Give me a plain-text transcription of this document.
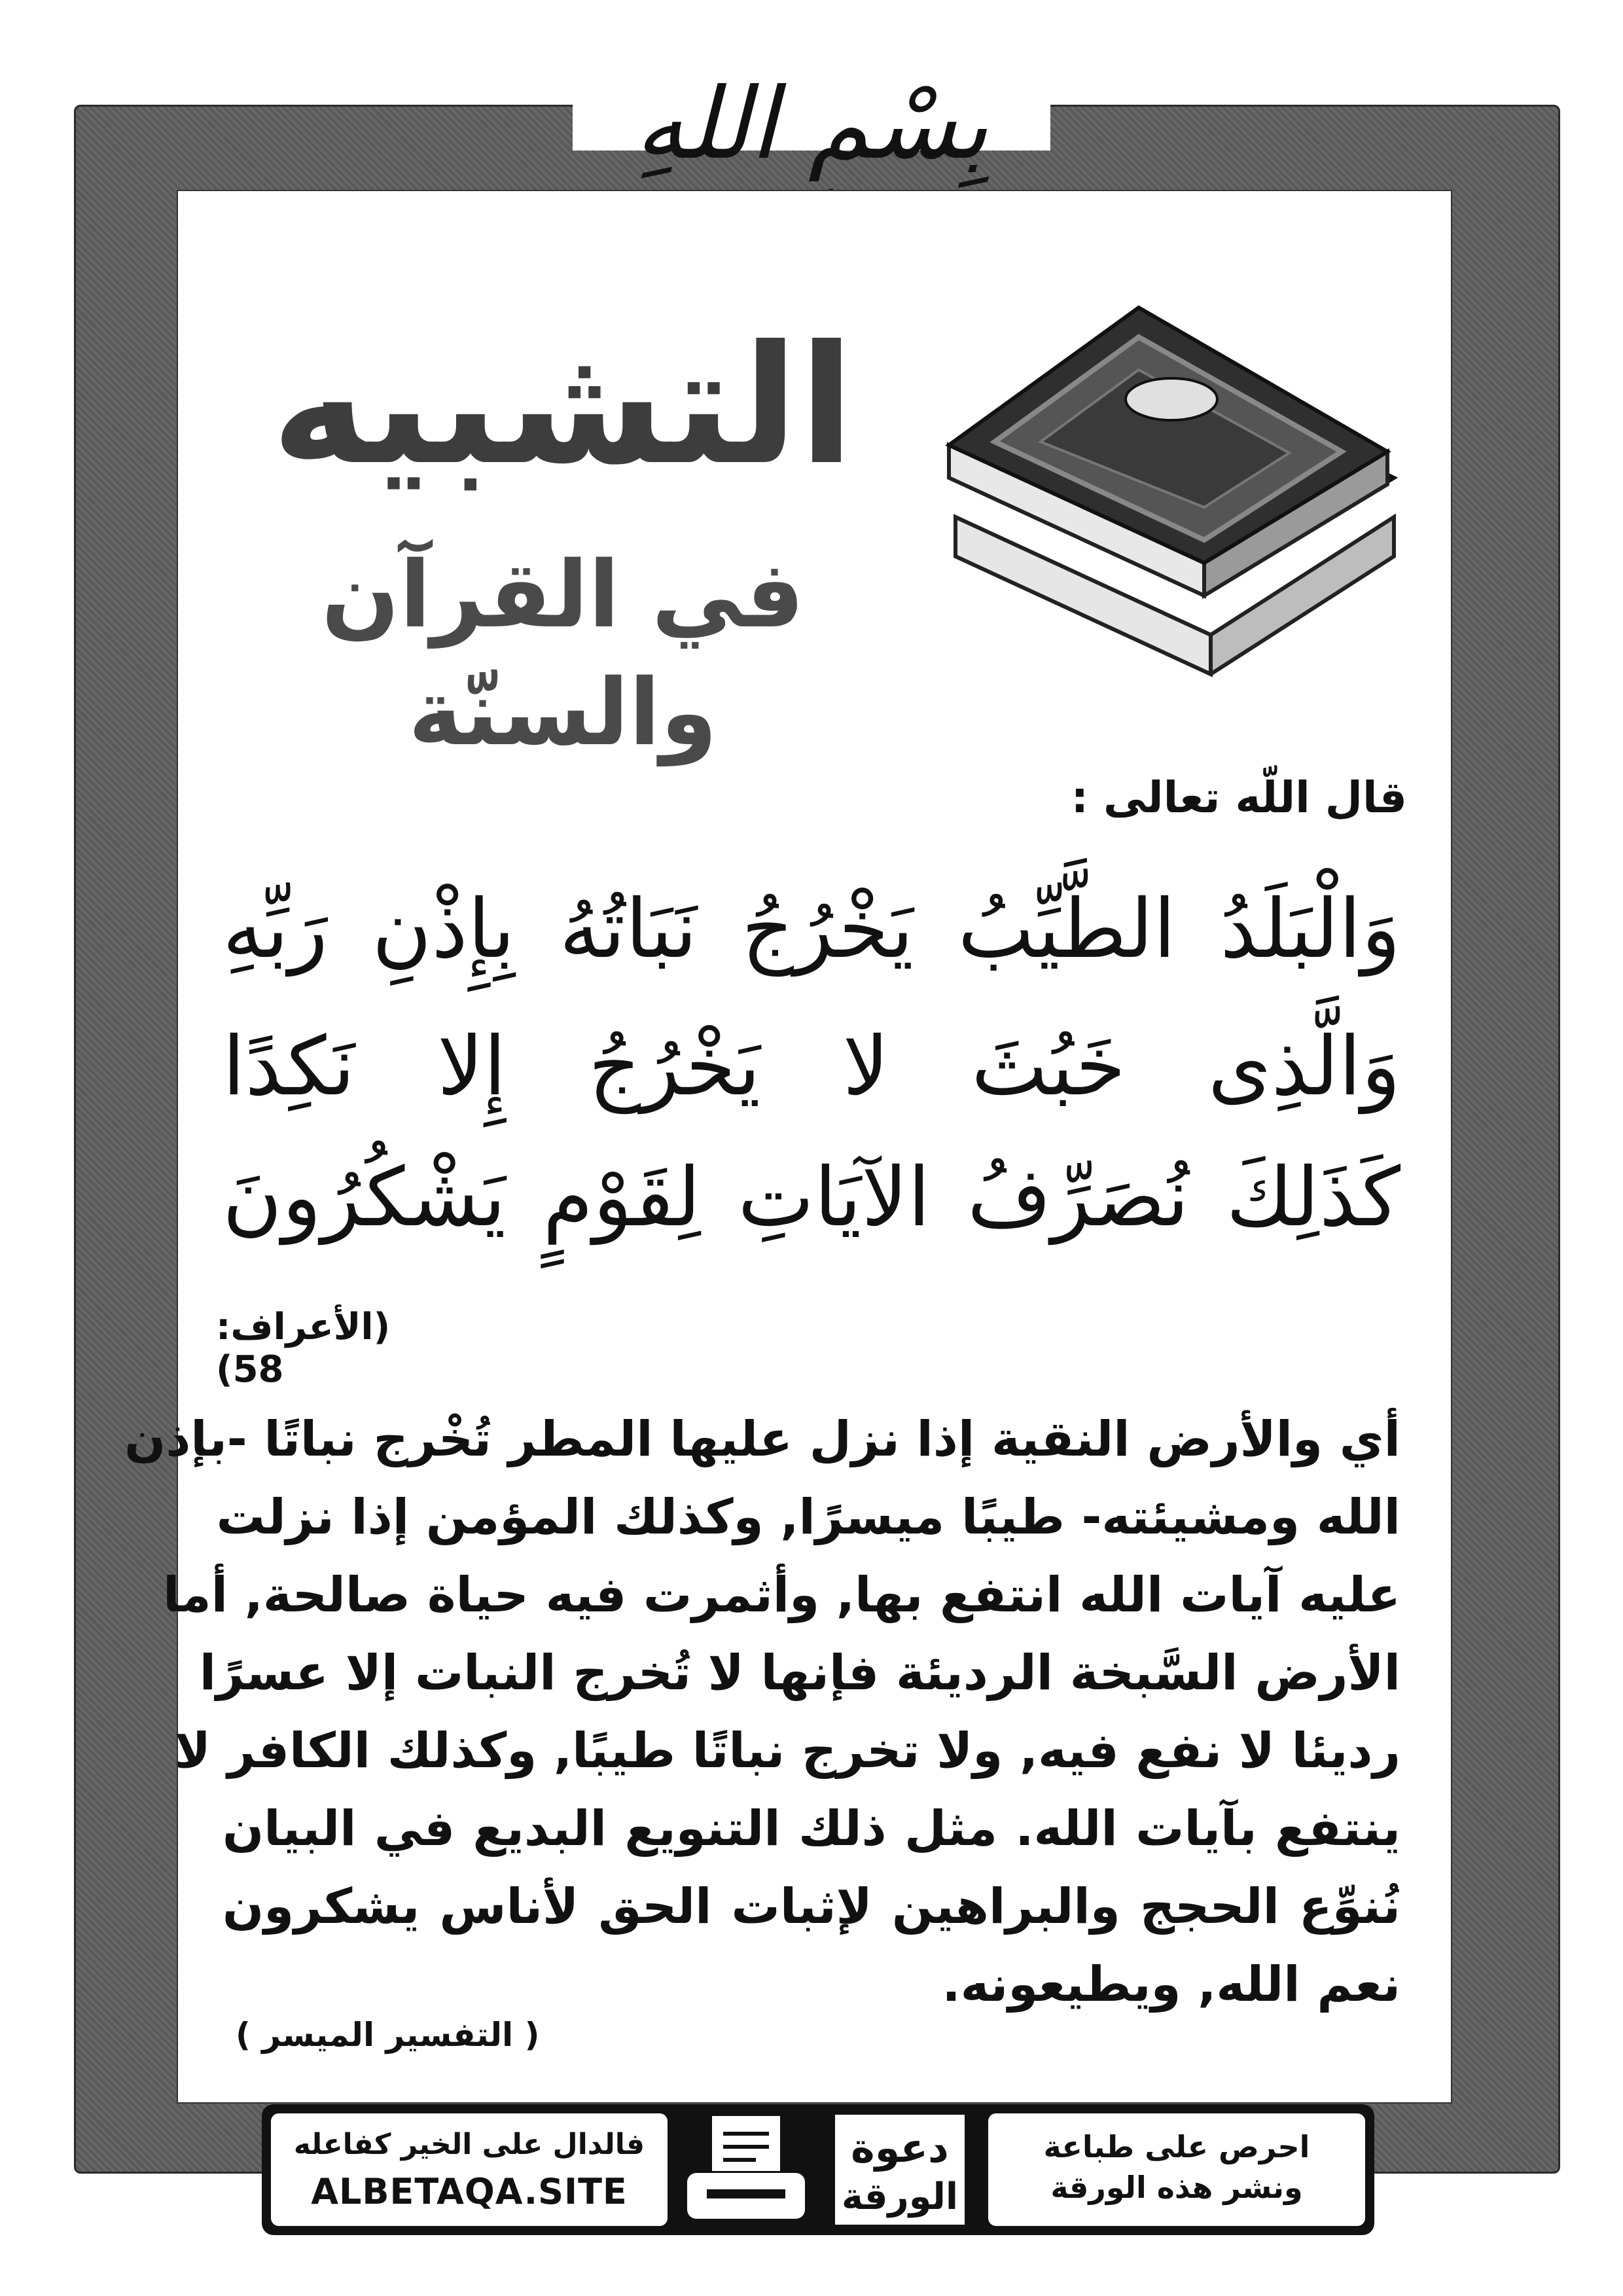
بِسْمِ اللهِ
التشبيه
في القرآن والسنّة
قال اللّه تعالى :
وَالْبَلَدُ الطَّيِّبُ يَخْرُجُ نَبَاتُهُ بِإِذْنِ رَبِّهِ
وَالَّذِى خَبُثَ لا يَخْرُجُ إِلا نَكِدًا
كَذَلِكَ نُصَرِّفُ الآيَاتِ لِقَوْمٍ يَشْكُرُونَ
(الأعراف: 58)
أي والأرض النقية إذا نزل عليها المطر تُخْرج نباتًا -بإذن
الله ومشيئته- طيبًا ميسرًا, وكذلك المؤمن إذا نزلت
عليه آيات الله انتفع بها, وأثمرت فيه حياة صالحة, أما
الأرض السَّبخة الرديئة فإنها لا تُخرج النبات إلا عسرًا
رديئا لا نفع فيه, ولا تخرج نباتًا طيبًا, وكذلك الكافر لا
ينتفع بآيات الله. مثل ذلك التنويع البديع في البيان
نُنوِّع الحجج والبراهين لإثبات الحق لأناس يشكرون
نعم الله, ويطيعونه.
( التفسير الميسر )
احرص على طباعة
ونشر هذه الورقة
دعوة
الورقة
فالدال على الخير كفاعله
ALBETAQA.SITE
